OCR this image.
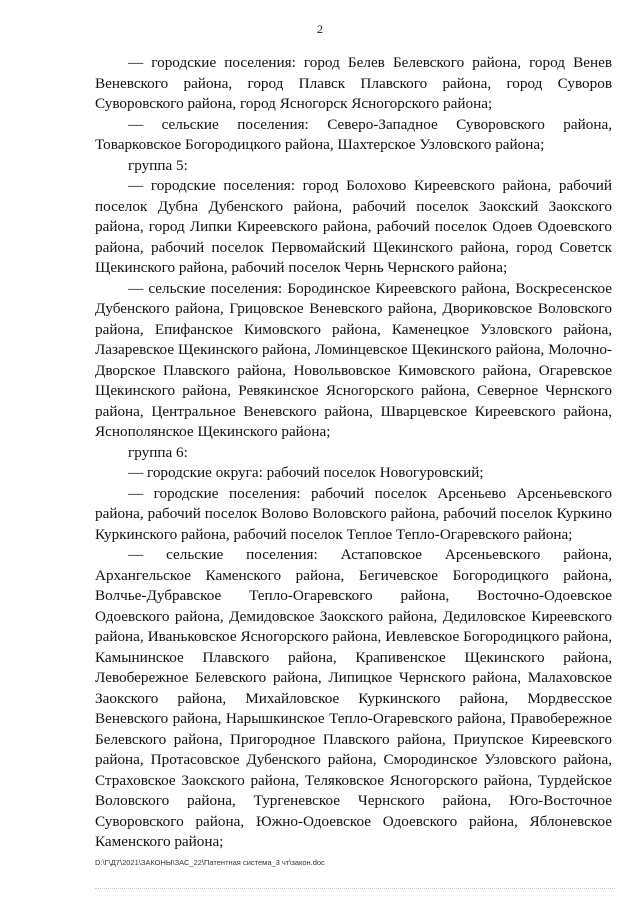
2

— городские поселения: город Белев Белевского района, город Венев Веневского района, город Плавск Плавского района, город Суворов Суворовского района, город Ясногорск Ясногорского района;

— сельские поселения: Северо-Западное Суворовского района, Товарковское Богородицкого района, Шахтерское Узловского района;

группа 5:

— городские поселения: город Болохово Киреевского района, рабочий поселок Дубна Дубенского района, рабочий поселок Заокский Заокского района, город Липки Киреевского района, рабочий поселок Одоев Одоевского района, рабочий поселок Первомайский Щекинского района, город Советск Щекинского района, рабочий поселок Чернь Чернского района;

— сельские поселения: Бородинское Киреевского района, Воскресенское Дубенского района, Грицовское Веневского района, Двориковское Воловского района, Епифанское Кимовского района, Каменецкое Узловского района, Лазаревское Щекинского района, Ломинцевское Щекинского района, Молочно-Дворское Плавского района, Новольвовское Кимовского района, Огаревское Щекинского района, Ревякинское Ясногорского района, Северное Чернского района, Центральное Веневского района, Шварцевское Киреевского района, Яснополянское Щекинского района;

группа 6:

— городские округа: рабочий поселок Новогуровский;

— городские поселения: рабочий поселок Арсеньево Арсеньевского района, рабочий поселок Волово Воловского района, рабочий поселок Куркино Куркинского района, рабочий поселок Теплое Тепло-Огаревского района;

— сельские поселения: Астаповское Арсеньевского района, Архангельское Каменского района, Бегичевское Богородицкого района, Волчье-Дубравское Тепло-Огаревского района, Восточно-Одоевское Одоевского района, Демидовское Заокского района, Дедиловское Киреевского района, Иваньковское Ясногорского района, Иевлевское Богородицкого района, Камынинское Плавского района, Крапивенское Щекинского района, Левобережное Белевского района, Липицкое Чернского района, Малаховское Заокского района, Михайловское Куркинского района, Мордвесское Веневского района, Нарышкинское Тепло-Огаревского района, Правобережное Белевского района, Пригородное Плавского района, Приупское Киреевского района, Протасовское Дубенского района, Смородинское Узловского района, Страховское Заокского района, Теляковское Ясногорского района, Турдейское Воловского района, Тургеневское Чернского района, Юго-Восточное Суворовского района, Южно-Одоевское Одоевского района, Яблоневское Каменского района;

D:\Г\Д7\2021\ЗАКОНЫ\ЗАС_22\Патентная система_3 чт\закон.doc
